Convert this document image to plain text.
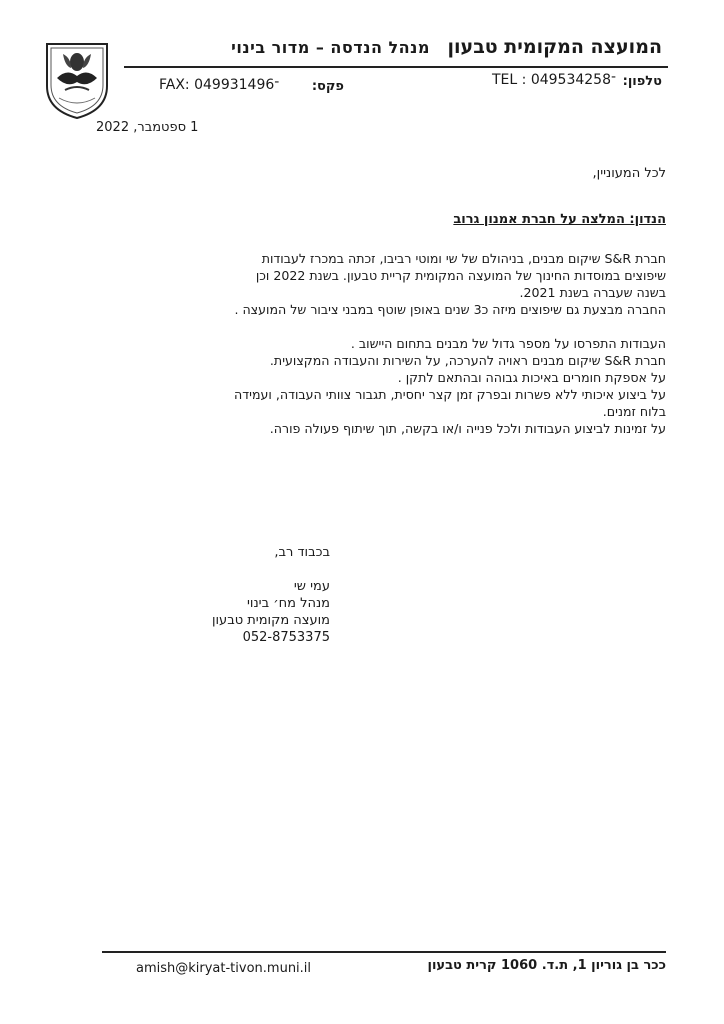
המועצה המקומית טבעון
מנהל הנדסה – מדור בינוי
טלפון:
TEL : 04־9534258
פקס:
FAX: 04־9931496
1 ספטמבר, 2022
לכל המעוניין,
הנדון: המלצה על חברת אמנון גרוב
חברת S&R שיקום מבנים, בניהולם של שי ומוטי רביבו, זכתה במכרז לעבודות
שיפוצים במוסדות החינוך של המועצה המקומית קריית טבעון. בשנת 2022 וכן
בשנה שעברה בשנת 2021.
החברה מבצעת גם שיפוצים מיזה כ3 שנים באופן שוטף במבני ציבור של המועצה .
העבודות התפרסו על מספר גדול של מבנים בתחום היישוב .
חברת S&R שיקום מבנים ראויה להערכה, על השירות והעבודה המקצועית.
על אספקת חומרים באיכות גבוהה ובהתאם לתקן .
על ביצוע איכותי ללא פשרות ובפרק זמן קצר יחסית, תגבור צוותי העבודה, ועמידה
בלוח זמנים.
על זמינות לביצוע העבודות ולכל פנייה ו/או בקשה, תוך שיתוף פעולה פורה.
בכבוד רב,
עמי שי
מנהל מח׳ בינוי
מועצה מקומית טבעון
052-8753375
ככר בן גוריון 1, ת.ד. 1060 קרית טבעון
amish@kiryat-tivon.muni.il
